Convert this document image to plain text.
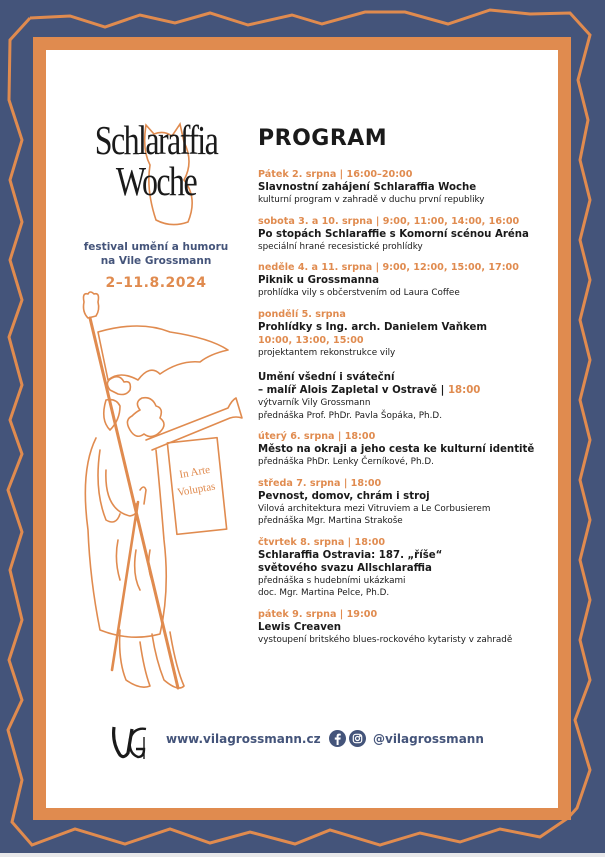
Schlaraffia
Woche
festival umění a humoru
na Vile Grossmann
2–11.8.2024
In Arte
Voluptas
PROGRAM
Pátek 2. srpna | 16:00–20:00
Slavnostní zahájení Schlaraffia Woche
kulturní program v zahradě v duchu první republiky
sobota 3. a 10. srpna | 9:00, 11:00, 14:00, 16:00
Po stopách Schlaraffie s Komorní scénou Aréna
speciální hrané recesistické prohlídky
neděle 4. a 11. srpna | 9:00, 12:00, 15:00, 17:00
Piknik u Grossmanna
prohlídka vily s občerstvením od Laura Coffee
pondělí 5. srpna
Prohlídky s Ing. arch. Danielem Vaňkem
10:00, 13:00, 15:00
projektantem rekonstrukce vily
Umění všední i sváteční
– malíř Alois Zapletal v Ostravě | 18:00
výtvarník Vily Grossmann
přednáška Prof. PhDr. Pavla Šopáka, Ph.D.
úterý 6. srpna | 18:00
Město na okraji a jeho cesta ke kulturní identitě
přednáška PhDr. Lenky Černíkové, Ph.D.
středa 7. srpna | 18:00
Pevnost, domov, chrám i stroj
Vilová architektura mezi Vitruviem a Le Corbusierem
přednáška Mgr. Martina Strakoše
čtvrtek 8. srpna | 18:00
Schlaraffia Ostravia: 187. „říše“
světového svazu Allschlaraffia
přednáška s hudebními ukázkami
doc. Mgr. Martina Pelce, Ph.D.
pátek 9. srpna | 19:00
Lewis Creaven
vystoupení britského blues-rockového kytaristy v zahradě
www.vilagrossmann.cz	@vilagrossmann
